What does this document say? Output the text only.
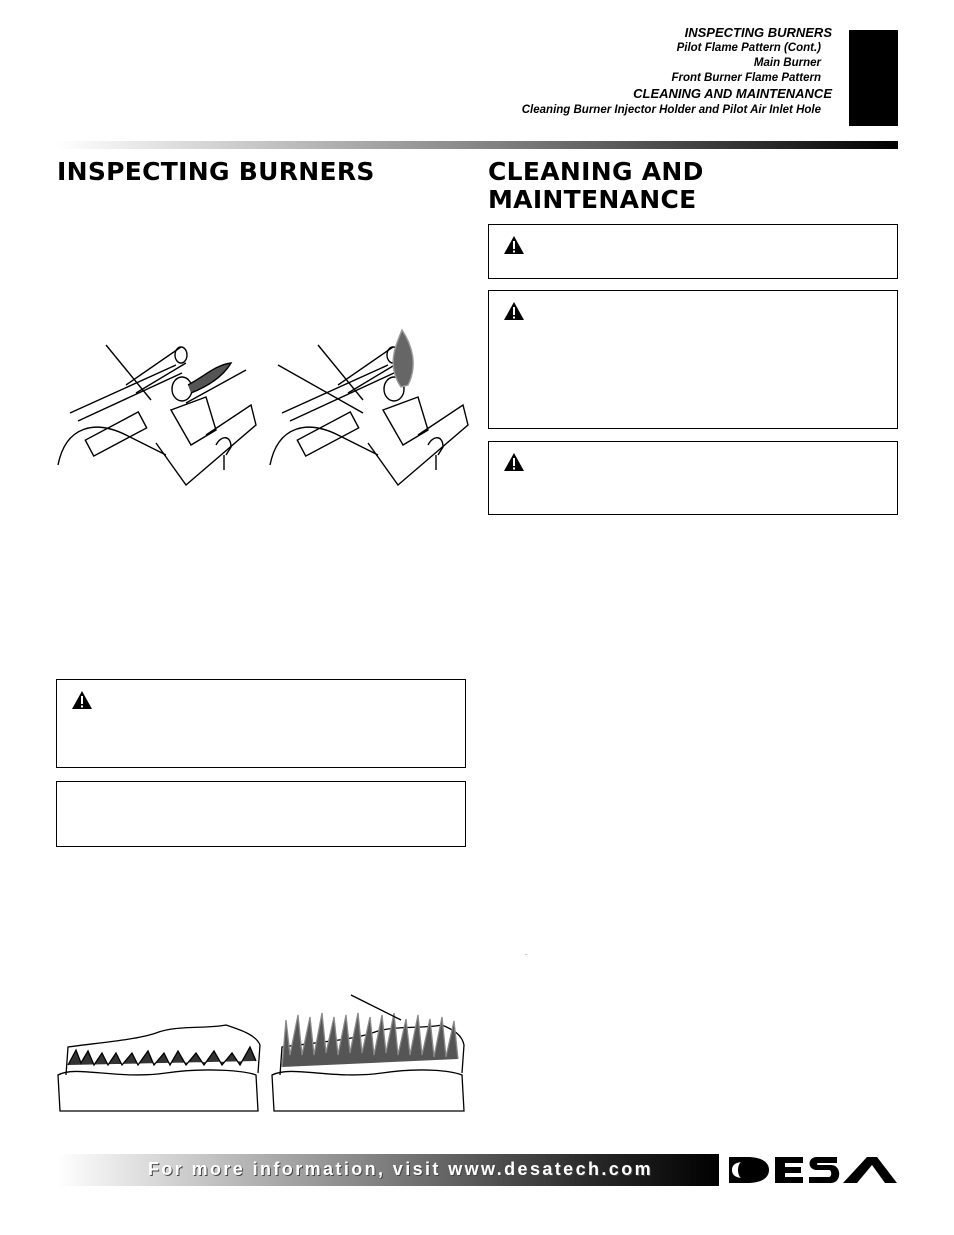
INSPECTING BURNERS
Pilot Flame Pattern (Cont.)
Main Burner
Front Burner Flame Pattern
CLEANING AND MAINTENANCE
Cleaning Burner Injector Holder and Pilot Air Inlet Hole
INSPECTING BURNERS	CLEANING AND
MAINTENANCE
For more information, visit www.desatech.com
DESA
